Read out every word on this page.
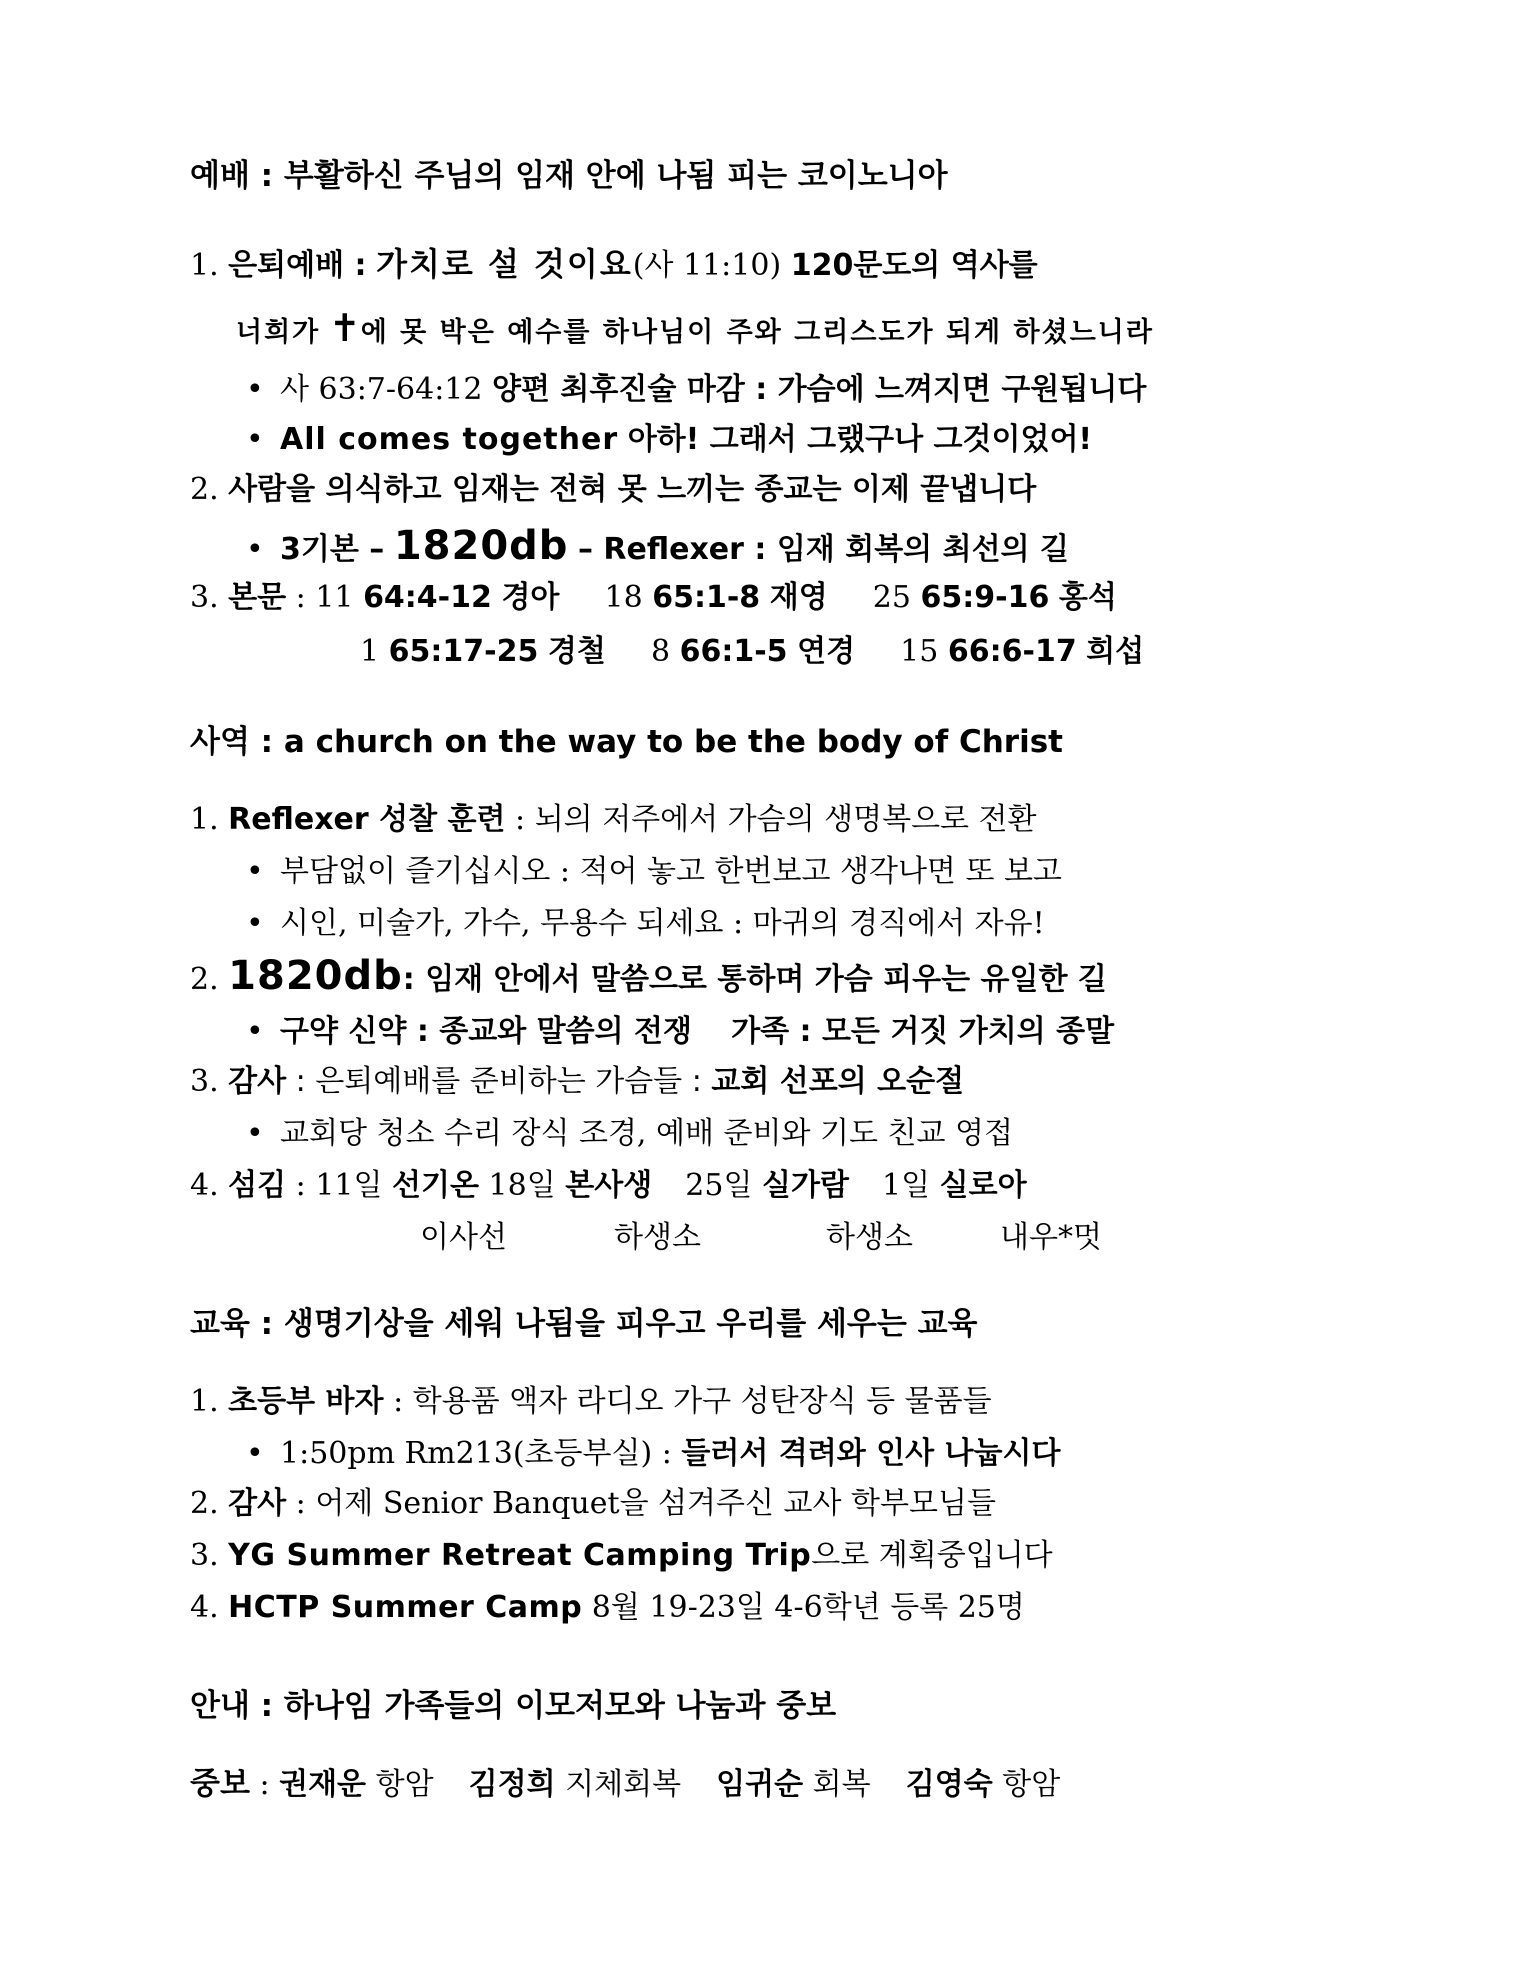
예배 : 부활하신 주님의 임재 안에 나됨 피는 코이노니아
1. 은퇴예배 : 가치로 설 것이요(사 11:10) 120문도의 역사를
너희가 ✝에 못 박은 예수를 하나님이 주와 그리스도가 되게 하셨느니라
• 사 63:7-64:12 양편 최후진술 마감 : 가슴에 느껴지면 구원됩니다
• All comes together 아하! 그래서 그랬구나 그것이었어!
2. 사람을 의식하고 임재는 전혀 못 느끼는 종교는 이제 끝냅니다
• 3기본 – 1820db – Reflexer : 임재 회복의 최선의 길
3. 본문 : 11 64:4-12 경아 18 65:1-8 재영 25 65:9-16 홍석
1 65:17-25 경철 8 66:1-5 연경 15 66:6-17 희섭
사역 : a church on the way to be the body of Christ
1. Reflexer 성찰 훈련 : 뇌의 저주에서 가슴의 생명복으로 전환
• 부담없이 즐기십시오 : 적어 놓고 한번보고 생각나면 또 보고
• 시인, 미술가, 가수, 무용수 되세요 : 마귀의 경직에서 자유!
2. 1820db: 임재 안에서 말씀으로 통하며 가슴 피우는 유일한 길
• 구약 신약 : 종교와 말씀의 전쟁 가족 : 모든 거짓 가치의 종말
3. 감사 : 은퇴예배를 준비하는 가슴들 : 교회 선포의 오순절
• 교회당 청소 수리 장식 조경, 예배 준비와 기도 친교 영접
4. 섬김 : 11일 선기온 18일 본사생 25일 실가람 1일 실로아
이사선	하생소	하생소	내우*멋
교육 : 생명기상을 세워 나됨을 피우고 우리를 세우는 교육
1. 초등부 바자 : 학용품 액자 라디오 가구 성탄장식 등 물품들
• 1:50pm Rm213(초등부실) : 들러서 격려와 인사 나눕시다
2. 감사 : 어제 Senior Banquet을 섬겨주신 교사 학부모님들
3. YG Summer Retreat Camping Trip으로 계획중입니다
4. HCTP Summer Camp 8월 19-23일 4-6학년 등록 25명
안내 : 하나임 가족들의 이모저모와 나눔과 중보
중보 : 권재운 항암 김정희 지체회복 임귀순 회복 김영숙 항암
